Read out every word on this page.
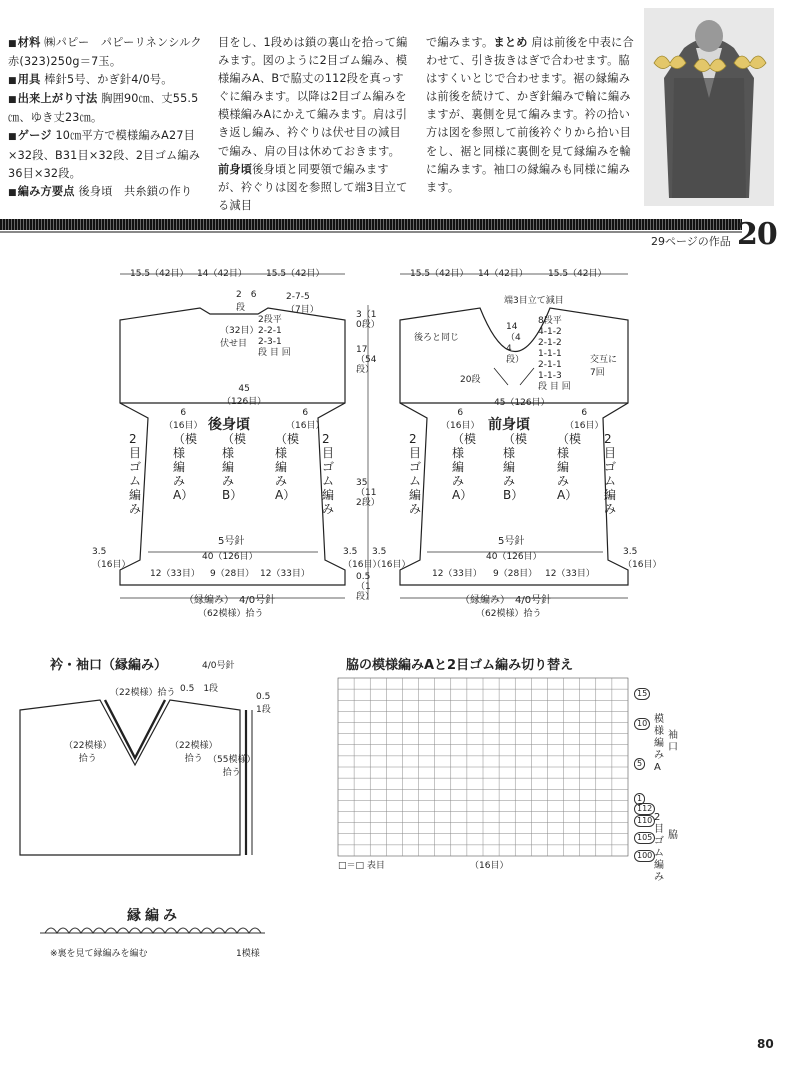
■ 材料 ㈱パピー　パピーリネンシルク 赤(323)250g＝7玉。

■ 用具 棒針5号、かぎ針4/0号。

■ 出来上がり寸法 胸囲90㎝、丈55.5㎝、ゆき丈23㎝。

■ ゲージ 10㎝平方で模様編みA27目×32段、B31目×32段、2目ゴム編み36目×32段。

■ 編み方要点 後身頃　共糸鎖の作り

目をし、1段めは鎖の裏山を拾って編みます。図のように2目ゴム編み、模様編みA、Bで脇丈の112段を真っすぐに編みます。以降は2目ゴム編みを模様編みAにかえて編みます。肩は引き返し編み、衿ぐりは伏せ目の減目で編み、肩の目は休めておきます。前身頃後身頃と同要領で編みますが、衿ぐりは図を参照して端3目立てる減目

で編みます。まとめ 肩は前後を中表に合わせて、引き抜きはぎで合わせます。脇はすくいとじで合わせます。裾の縁編みは前後を続けて、かぎ針編みで輪に編みますが、裏側を見て編みます。衿の拾い方は図を参照して前後衿ぐりから拾い目をし、裾と同様に裏側を見て縁編みを輪に編みます。袖口の縁編みも同様に編みます。

29ページの作品 20
15.5（42目） 14（42目） 15.5（42目）
2　6
段
2-7-5
（7目）
（32目）
伏せ目
2段平
2-2-1
2-3-1
段 目 回
45
（126目）
後身頃
6
（16目）
6
（16目）
2目ゴム編み
2目ゴム編み
（模様編みA）
（模様編みB）
（模様編みA）
5号針
40（126目）
12（33目） 9（28目） 12（33目）
3.5
（16目）
3.5
（16目）
（縁編み）　4/0号針
（62模様）拾う
3（10段）
17（54段）
35（112段）
0.5（1段）
15.5（42目） 14（42目） 15.5（42目）
端3目立て減目
後ろと同じ
14（44段）
8段平
4-1-2
2-1-2
1-1-1
2-1-1
1-1-3
段 目 回
交互に
7回
20段
45（126目）
前身頃
6
（16目）
6
（16目）
2目ゴム編み
2目ゴム編み
（模様編みA）
（模様編みB）
（模様編みA）
5号針
40（126目）
12（33目） 9（28目） 12（33目）
3.5
（16目）
3.5
（16目）
（縁編み）　4/0号針
（62模様）拾う
衿・袖口（縁編み）	4/0号針
（22模様）拾う 0.5　1段
（22模様）
拾う
（22模様）
拾う （55模様）
拾う
0.5
1段
脇の模様編みAと2目ゴム編み切り替え
袖口
模様編みA
2目ゴム編み
脇
（16目）
□＝□ 表目
15
10
5
1
112
110
105
100
縁編み
※裏を見て縁編みを編む	1模様
80
